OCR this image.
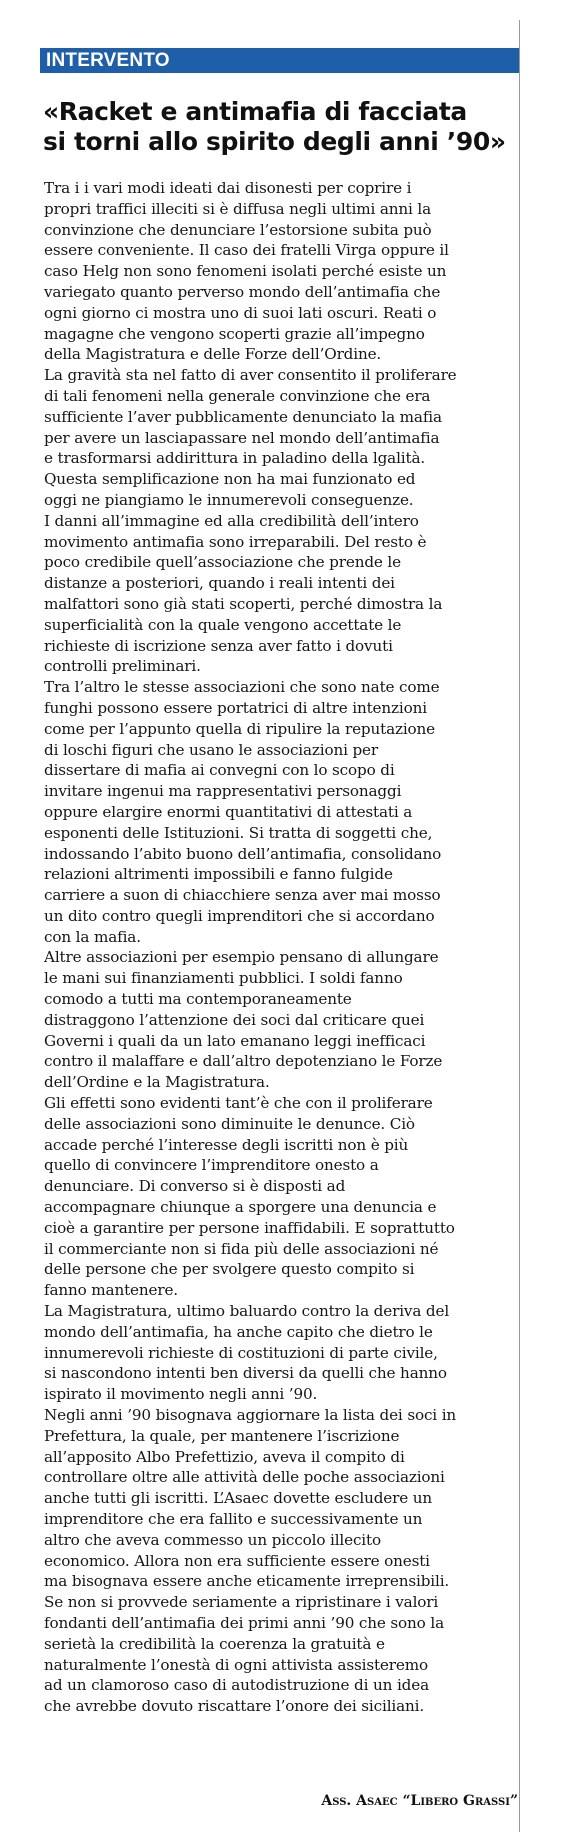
INTERVENTO
«Racket e antimafia di facciata
si torni allo spirito degli anni ’90»

Tra i i vari modi ideati dai disonesti per coprire i
propri traffici illeciti si è diffusa negli ultimi anni la
convinzione che denunciare l’estorsione subita può
essere conveniente. Il caso dei fratelli Virga oppure il
caso Helg non sono fenomeni isolati perché esiste un
variegato quanto perverso mondo dell’antimafia che
ogni giorno ci mostra uno di suoi lati oscuri. Reati o
magagne che vengono scoperti grazie all’impegno
della Magistratura e delle Forze dell’Ordine.

La gravità sta nel fatto di aver consentito il proliferare
di tali fenomeni nella generale convinzione che era
sufficiente l’aver pubblicamente denunciato la mafia
per avere un lasciapassare nel mondo dell’antimafia
e trasformarsi addirittura in paladino della lgalità.
Questa semplificazione non ha mai funzionato ed
oggi ne piangiamo le innumerevoli conseguenze.

I danni all’immagine ed alla credibilità dell’intero
movimento antimafia sono irreparabili. Del resto è
poco credibile quell’associazione che prende le
distanze a posteriori, quando i reali intenti dei
malfattori sono già stati scoperti, perché dimostra la
superficialità con la quale vengono accettate le
richieste di iscrizione senza aver fatto i dovuti
controlli preliminari.

Tra l’altro le stesse associazioni che sono nate come
funghi possono essere portatrici di altre intenzioni
come per l’appunto quella di ripulire la reputazione
di loschi figuri che usano le associazioni per
dissertare di mafia ai convegni con lo scopo di
invitare ingenui ma rappresentativi personaggi
oppure elargire enormi quantitativi di attestati a
esponenti delle Istituzioni. Si tratta di soggetti che,
indossando l’abito buono dell’antimafia, consolidano
relazioni altrimenti impossibili e fanno fulgide
carriere a suon di chiacchiere senza aver mai mosso
un dito contro quegli imprenditori che si accordano
con la mafia.

Altre associazioni per esempio pensano di allungare
le mani sui finanziamenti pubblici. I soldi fanno
comodo a tutti ma contemporaneamente
distraggono l’attenzione dei soci dal criticare quei
Governi i quali da un lato emanano leggi inefficaci
contro il malaffare e dall’altro depotenziano le Forze
dell’Ordine e la Magistratura.

Gli effetti sono evidenti tant’è che con il proliferare
delle associazioni sono diminuite le denunce. Ciò
accade perché l’interesse degli iscritti non è più
quello di convincere l’imprenditore onesto a
denunciare. Di converso si è disposti ad
accompagnare chiunque a sporgere una denuncia e
cioè a garantire per persone inaffidabili. E soprattutto
il commerciante non si fida più delle associazioni né
delle persone che per svolgere questo compito si
fanno mantenere.

La Magistratura, ultimo baluardo contro la deriva del
mondo dell’antimafia, ha anche capito che dietro le
innumerevoli richieste di costituzioni di parte civile,
si nascondono intenti ben diversi da quelli che hanno
ispirato il movimento negli anni ’90.

Negli anni ’90 bisognava aggiornare la lista dei soci in
Prefettura, la quale, per mantenere l’iscrizione
all’apposito Albo Prefettizio, aveva il compito di
controllare oltre alle attività delle poche associazioni
anche tutti gli iscritti. L’Asaec dovette escludere un
imprenditore che era fallito e successivamente un
altro che aveva commesso un piccolo illecito
economico. Allora non era sufficiente essere onesti
ma bisognava essere anche eticamente irreprensibili.
Se non si provvede seriamente a ripristinare i valori
fondanti dell’antimafia dei primi anni ’90 che sono la
serietà la credibilità la coerenza la gratuità e
naturalmente l’onestà di ogni attivista assisteremo
ad un clamoroso caso di autodistruzione di un idea
che avrebbe dovuto riscattare l’onore dei siciliani.

Ass. Asaec “Libero Grassi”
